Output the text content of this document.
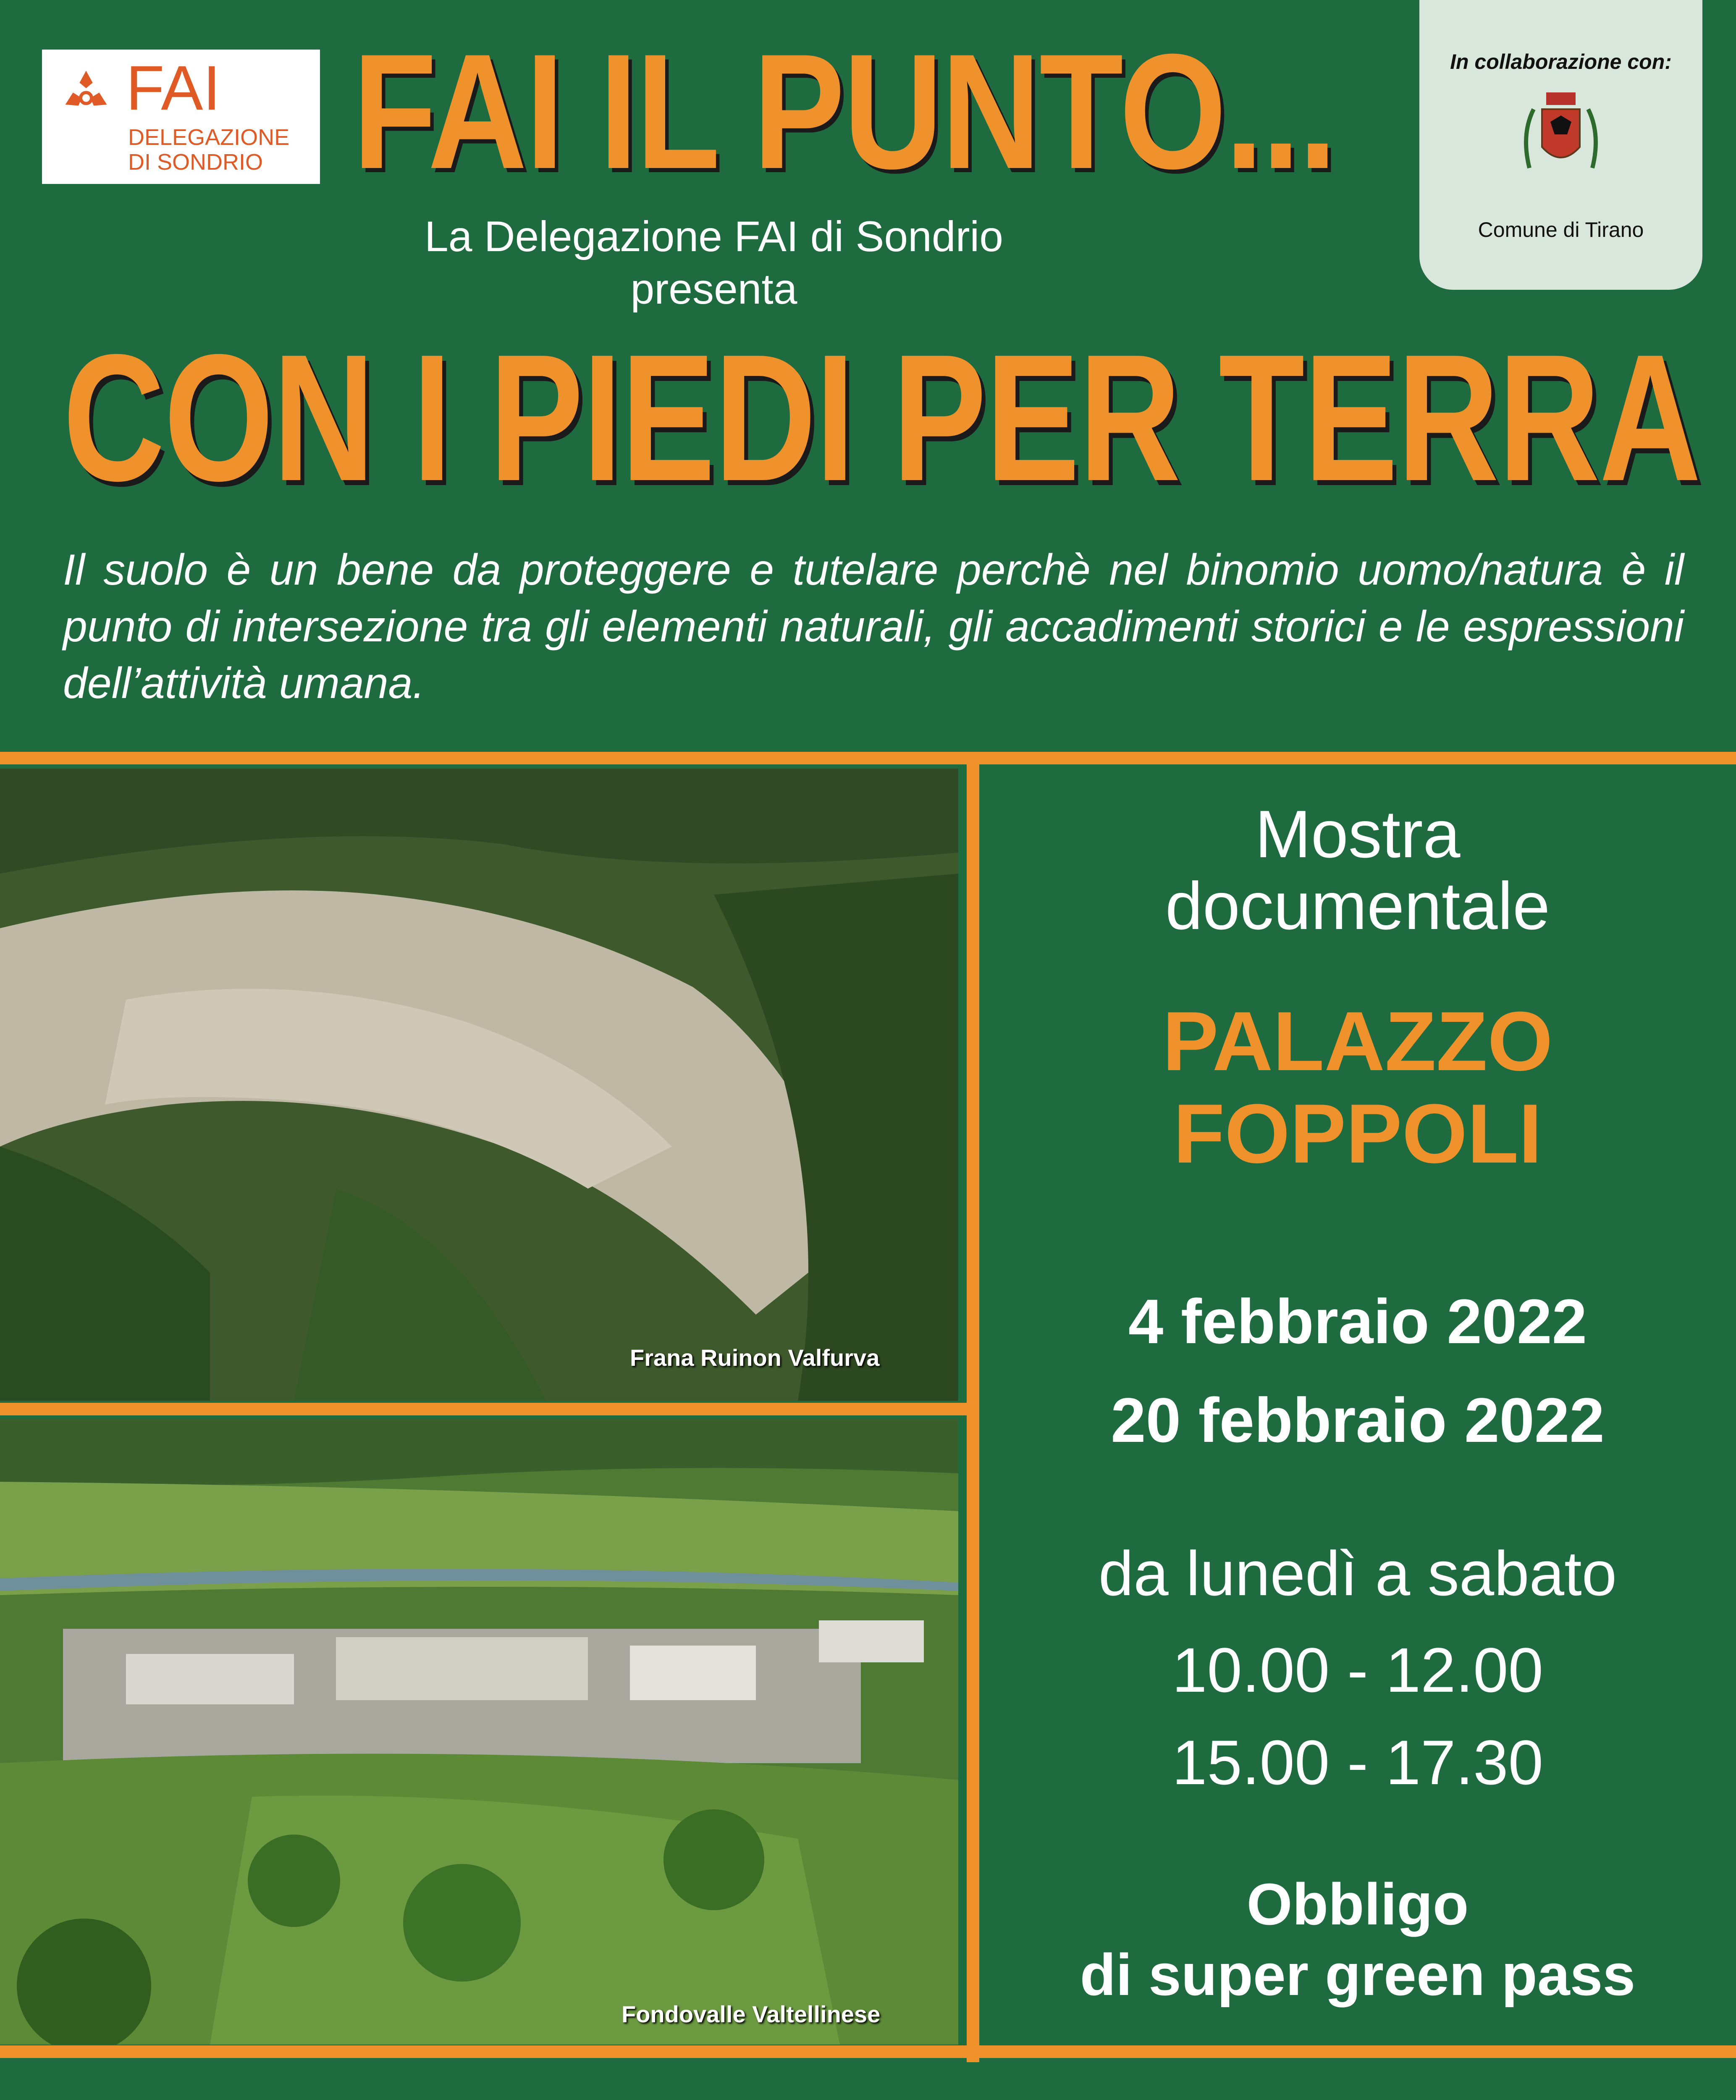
FAI
DELEGAZIONE
DI SONDRIO FAI IL PUNTO...
La Delegazione FAI di Sondrio
presenta
In collaborazione con:
Comune di Tirano
CON I PIEDI PER TERRA
Il suolo è un bene da proteggere e tutelare perchè nel binomio uomo/natura è il punto di intersezione tra gli elementi naturali, gli accadimenti storici e le espressioni dell’attività umana.
Frana Ruinon Valfurva
Fondovalle Valtellinese
Mostra
documentale
PALAZZO
FOPPOLI
4 febbraio 2022
20 febbraio 2022
da lunedì a sabato
10.00 - 12.00
15.00 - 17.30
Obbligo
di super green pass
